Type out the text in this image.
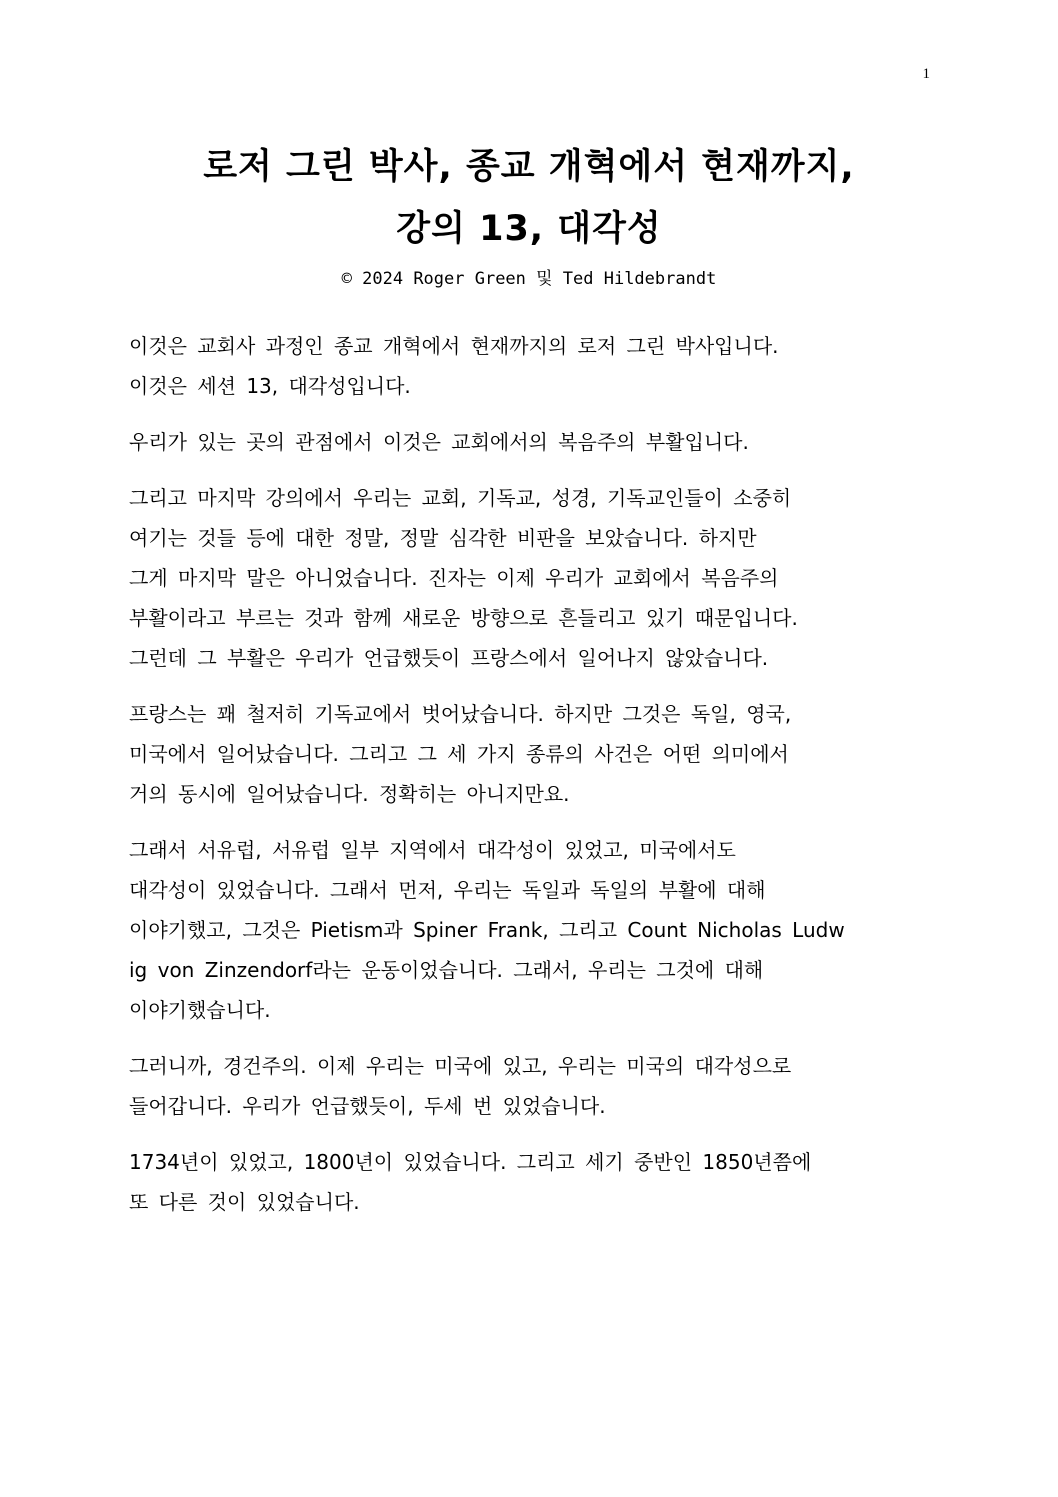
1
로저 그린 박사, 종교 개혁에서 현재까지,
강의 13, 대각성
© 2024 Roger Green 및 Ted Hildebrandt
이것은 교회사 과정인 종교 개혁에서 현재까지의 로저 그린 박사입니다.
이것은 세션 13, 대각성입니다.
우리가 있는 곳의 관점에서 이것은 교회에서의 복음주의 부활입니다.
그리고 마지막 강의에서 우리는 교회, 기독교, 성경, 기독교인들이 소중히
여기는 것들 등에 대한 정말, 정말 심각한 비판을 보았습니다. 하지만
그게 마지막 말은 아니었습니다. 진자는 이제 우리가 교회에서 복음주의
부활이라고 부르는 것과 함께 새로운 방향으로 흔들리고 있기 때문입니다.
그런데 그 부활은 우리가 언급했듯이 프랑스에서 일어나지 않았습니다.
프랑스는 꽤 철저히 기독교에서 벗어났습니다. 하지만 그것은 독일, 영국,
미국에서 일어났습니다. 그리고 그 세 가지 종류의 사건은 어떤 의미에서
거의 동시에 일어났습니다. 정확히는 아니지만요.
그래서 서유럽, 서유럽 일부 지역에서 대각성이 있었고, 미국에서도
대각성이 있었습니다. 그래서 먼저, 우리는 독일과 독일의 부활에 대해
이야기했고, 그것은 Pietism과 Spiner Frank, 그리고 Count Nicholas Ludw
ig von Zinzendorf라는 운동이었습니다. 그래서, 우리는 그것에 대해
이야기했습니다.
그러니까, 경건주의. 이제 우리는 미국에 있고, 우리는 미국의 대각성으로
들어갑니다. 우리가 언급했듯이, 두세 번 있었습니다.
1734년이 있었고, 1800년이 있었습니다. 그리고 세기 중반인 1850년쯤에
또 다른 것이 있었습니다.
